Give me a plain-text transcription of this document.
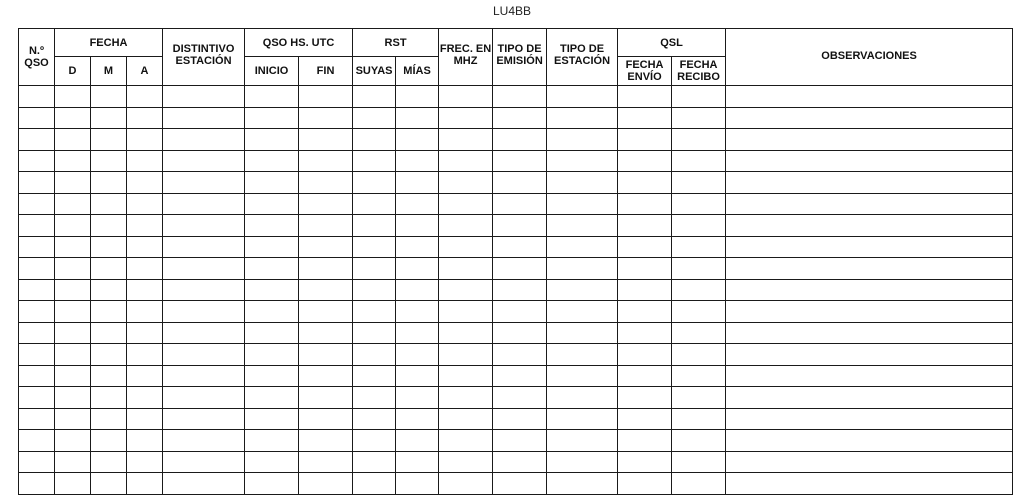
LU4BB
N.º QSO	FECHA			DISTINTIVO ESTACIÓN	QSO HS. UTC		RST		FREC. EN MHZ	TIPO DE EMISIÓN	TIPO DE ESTACIÓN	QSL		OBSERVACIONES
	D	M	A		INICIO	FIN	SUYAS	MÍAS				FECHA ENVÍO	FECHA RECIBO	
